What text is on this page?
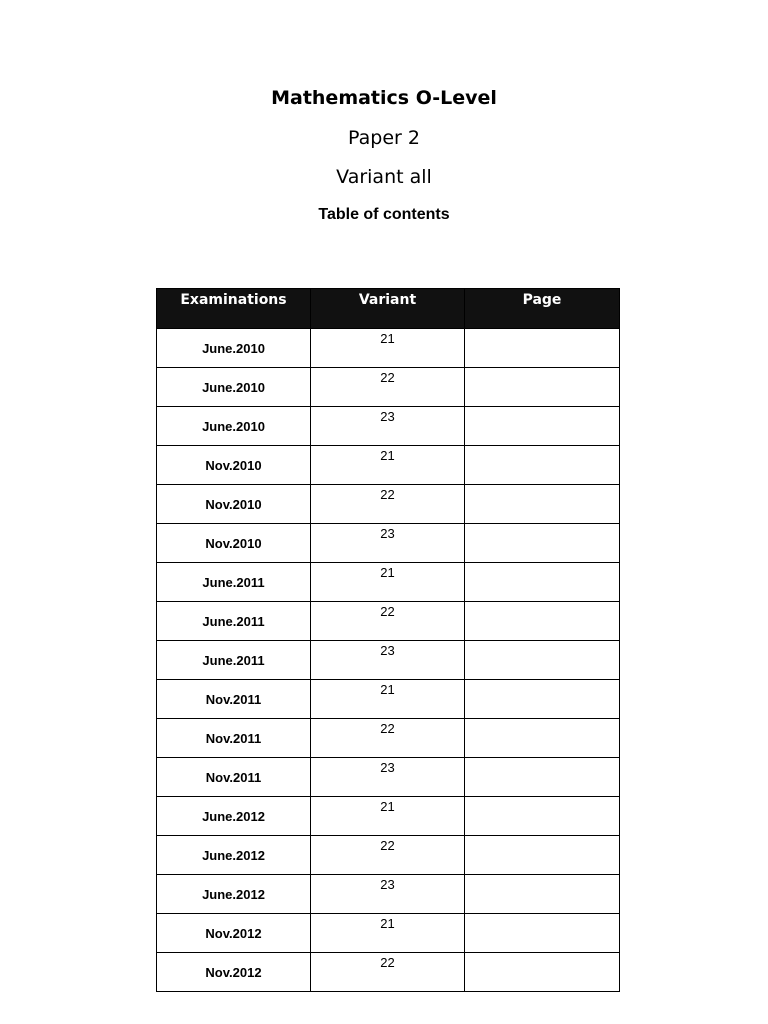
Mathematics O-Level
Paper 2
Variant all
Table of contents
Examinations	Variant	Page
June.2010	21	
June.2010	22	
June.2010	23	
Nov.2010	21	
Nov.2010	22	
Nov.2010	23	
June.2011	21	
June.2011	22	
June.2011	23	
Nov.2011	21	
Nov.2011	22	
Nov.2011	23	
June.2012	21	
June.2012	22	
June.2012	23	
Nov.2012	21	
Nov.2012	22	
